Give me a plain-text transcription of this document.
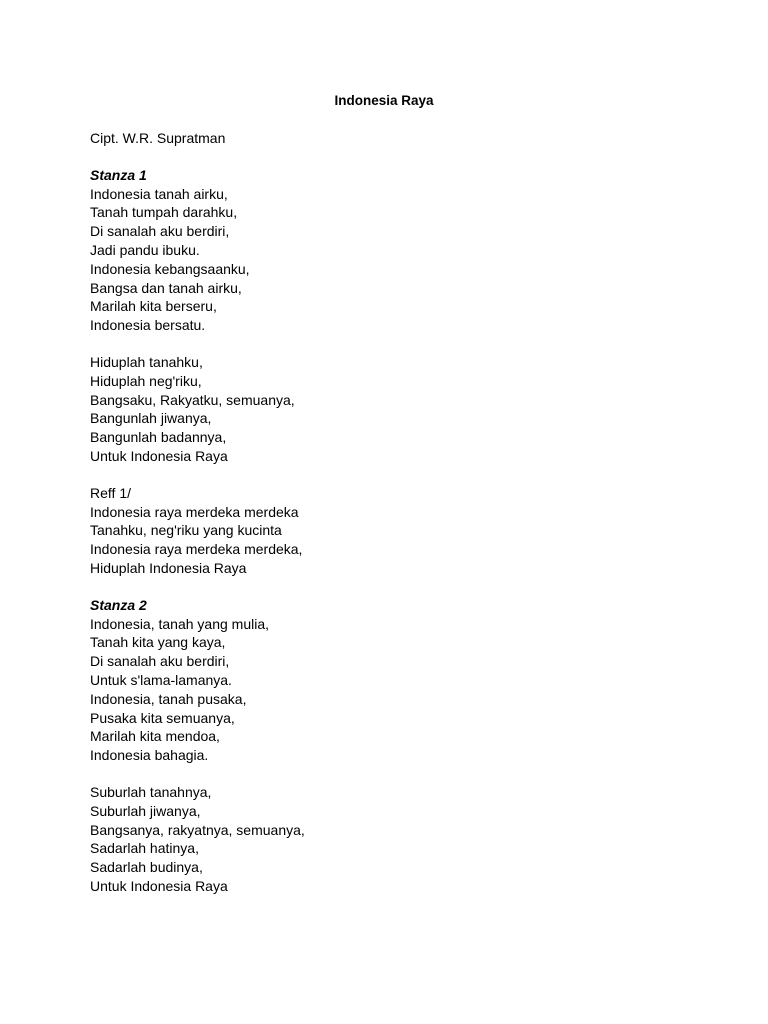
Indonesia Raya
Cipt. W.R. Supratman
Stanza 1
Indonesia tanah airku,
Tanah tumpah darahku,
Di sanalah aku berdiri,
Jadi pandu ibuku.
Indonesia kebangsaanku,
Bangsa dan tanah airku,
Marilah kita berseru,
Indonesia bersatu.
Hiduplah tanahku,
Hiduplah neg'riku,
Bangsaku, Rakyatku, semuanya,
Bangunlah jiwanya,
Bangunlah badannya,
Untuk Indonesia Raya
Reff 1/
Indonesia raya merdeka merdeka
Tanahku, neg'riku yang kucinta
Indonesia raya merdeka merdeka,
Hiduplah Indonesia Raya
Stanza 2
Indonesia, tanah yang mulia,
Tanah kita yang kaya,
Di sanalah aku berdiri,
Untuk s'lama-lamanya.
Indonesia, tanah pusaka,
Pusaka kita semuanya,
Marilah kita mendoa,
Indonesia bahagia.
Suburlah tanahnya,
Suburlah jiwanya,
Bangsanya, rakyatnya, semuanya,
Sadarlah hatinya,
Sadarlah budinya,
Untuk Indonesia Raya
